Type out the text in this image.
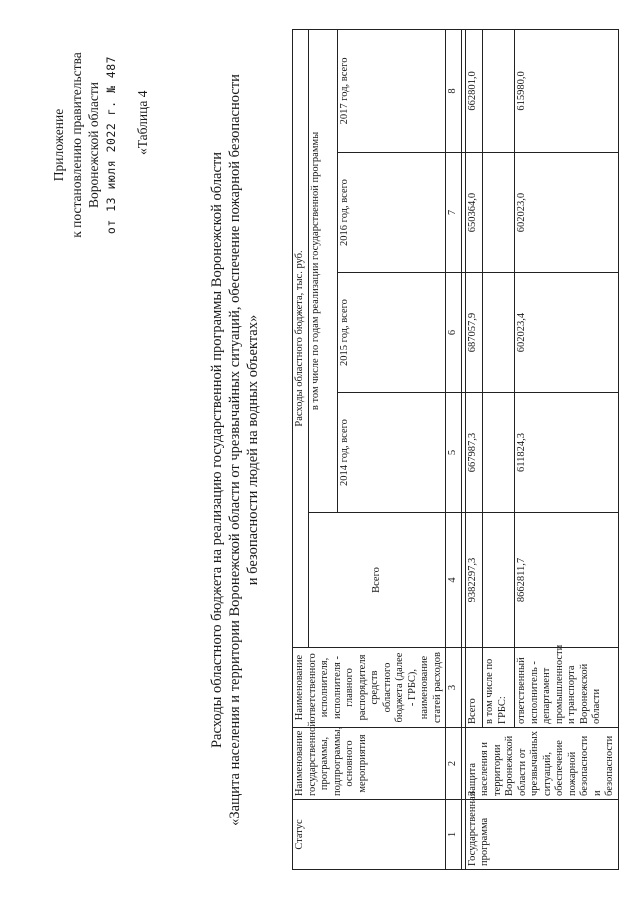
Приложение к постановлению правительства Воронежской области от 13 июля 2022 г. № 487 «Таблица 4
Расходы областного бюджета на реализацию государственной программы Воронежской области «Защита населения и территории Воронежской области от чрезвычайных ситуаций, обеспечение пожарной безопасности и безопасности людей на водных объектах»
Статус	Наименование государственной программы, подпрограммы, основного мероприятия	Наименование ответственного исполнителя, исполнителя - главного распорядителя средств областного бюджета (далее - ГРБС), наименование статей расходов	Расходы областного бюджета, тыс. руб.				
			Всего	в том числе по годам реализации государственной программы			
				2014 год, всего	2015 год, всего	2016 год, всего	2017 год, всего
1	2	3	4	5	6	7	8

Государственная программа	Защита населения и территории Воронежской области от чрезвычайных ситуаций, обеспечение пожарной безопасности и безопасности	Всего	9382297,3	667987,3	687057,9	650364,0	662801,0
		в том числе по ГРБС:					
		ответственный исполнитель - департамент промышленности и транспорта Воронежской области	8662811,7	611824,3	602023,4	602023,0	615980,0
